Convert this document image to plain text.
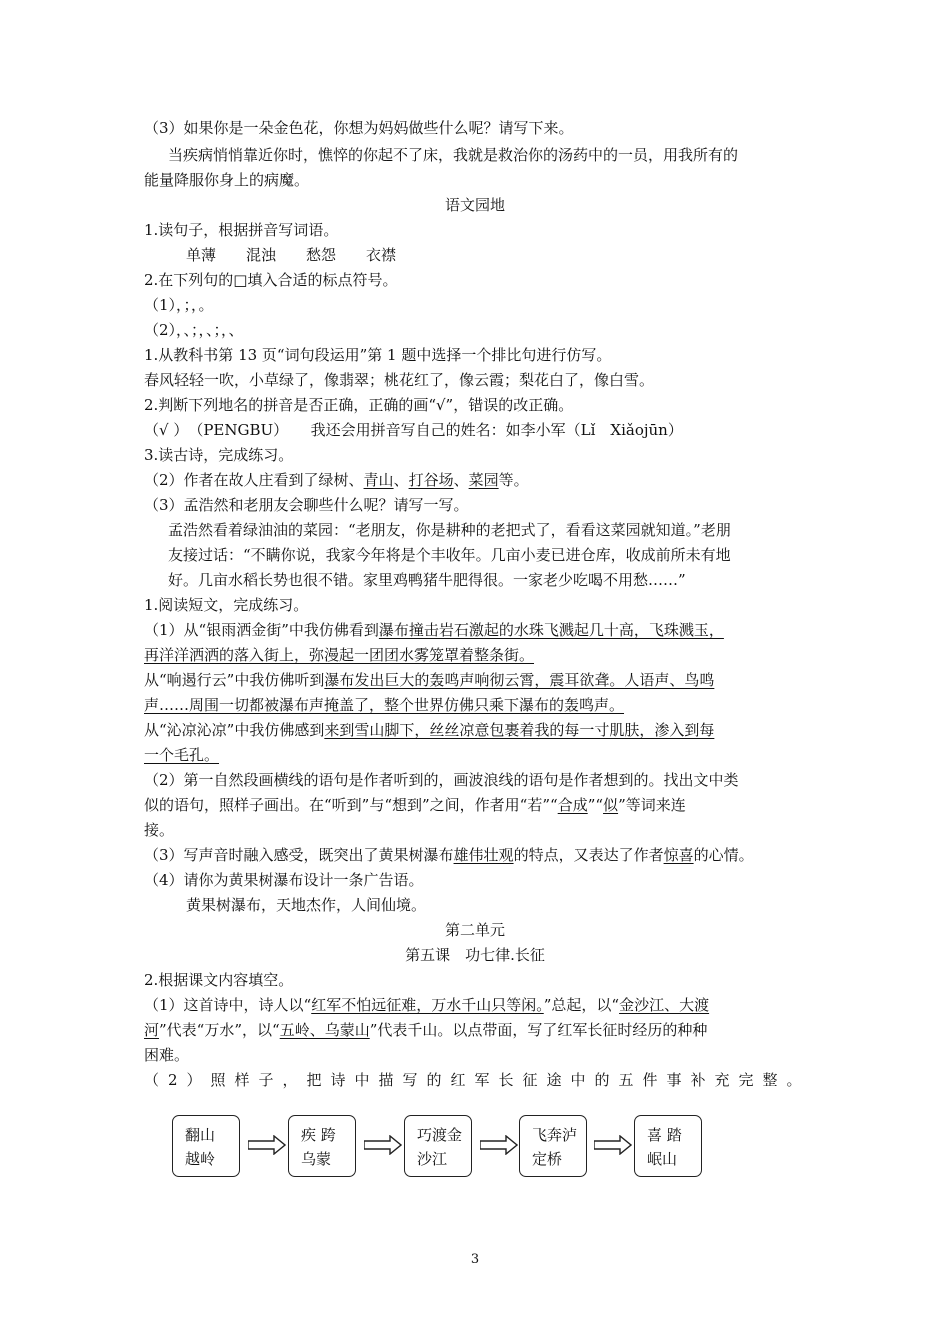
（3）如果你是一朵金色花，你想为妈妈做些什么呢？请写下来。
当疾病悄悄靠近你时，憔悴的你起不了床，我就是救治你的汤药中的一员，用我所有的
能量降服你身上的病魔。
语文园地
1.读句子，根据拼音写词语。
单薄　　混浊　　愁怨　　衣襟
2.在下列句的□填入合适的标点符号。
（1），；，。
（2），、；，、；，、
1.从教科书第 13 页“词句段运用”第 1 题中选择一个排比句进行仿写。
春风轻轻一吹，小草绿了，像翡翠；桃花红了，像云霞；梨花白了，像白雪。
2.判断下列地名的拼音是否正确，正确的画“√”，错误的改正确。
（√ ）　（PENGBU）　　我还会用拼音写自己的姓名：如李小军（Lǐ　Xiǎojūn）
3.读古诗，完成练习。
（2）作者在故人庄看到了绿树、青山、打谷场、菜园等。
（3）孟浩然和老朋友会聊些什么呢？请写一写。
孟浩然看着绿油油的菜园：“老朋友，你是耕种的老把式了，看看这菜园就知道。”老朋
友接过话：“不瞒你说，我家今年将是个丰收年。几亩小麦已进仓库，收成前所未有地
好。几亩水稻长势也很不错。家里鸡鸭猪牛肥得很。一家老少吃喝不用愁……”
1.阅读短文，完成练习。
（1）从“银雨洒金街”中我仿佛看到瀑布撞击岩石激起的水珠飞溅起几十高，飞珠溅玉，
再洋洋洒洒的落入街上，弥漫起一团团水雾笼罩着整条街。
从“响遏行云”中我仿佛听到瀑布发出巨大的轰鸣声响彻云霄，震耳欲聋。人语声、鸟鸣
声……周围一切都被瀑布声掩盖了，整个世界仿佛只乘下瀑布的轰鸣声。
从“沁凉沁凉”中我仿佛感到来到雪山脚下，丝丝凉意包裹着我的每一寸肌肤，渗入到每
一个毛孔。
（2）第一自然段画横线的语句是作者听到的，画波浪线的语句是作者想到的。找出文中类
似的语句，照样子画出。在“听到”与“想到”之间，作者用“若”“合成”“似”等词来连
接。
（3）写声音时融入感受，既突出了黄果树瀑布雄伟壮观的特点，又表达了作者惊喜的心情。
（4）请你为黄果树瀑布设计一条广告语。
黄果树瀑布，天地杰作，人间仙境。
第二单元
第五课　功七律.长征
2.根据课文内容填空。
（1）这首诗中，诗人以“红军不怕远征难，万水千山只等闲。”总起，以“金沙江、大渡
河”代表“万水”，以“五岭、乌蒙山”代表千山。以点带面，写了红军长征时经历的种种
困难。
（2）照样子，把诗中描写的红军长征途中的五件事补充完整。
翻山
越岭
疾 跨
乌蒙
巧渡金
沙江
飞奔泸
定桥
喜 踏
岷山
3
